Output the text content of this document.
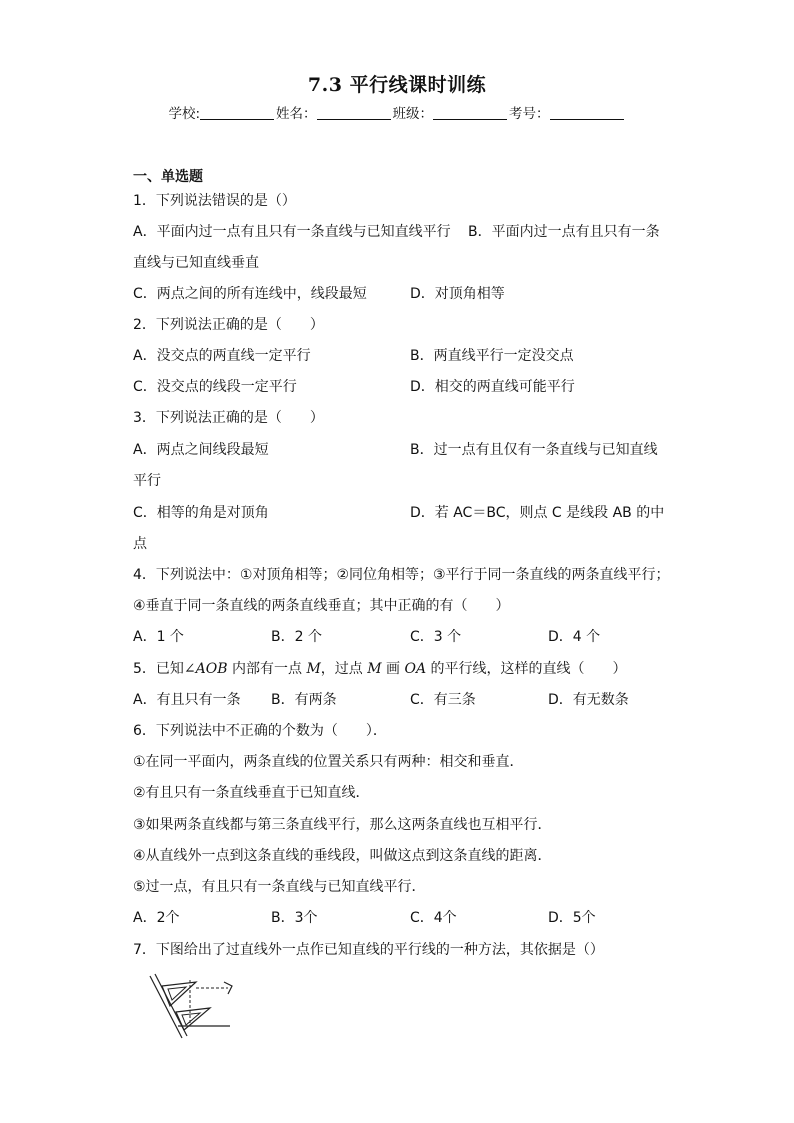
7.3 平行线课时训练
学校:	姓名：	班级：	考号：
一、单选题
1．下列说法错误的是（）
A．平面内过一点有且只有一条直线与已知直线平行 B．平面内过一点有且只有一条
直线与已知直线垂直
C．两点之间的所有连线中，线段最短	D．对顶角相等
2．下列说法正确的是（　　）
A．没交点的两直线一定平行	B．两直线平行一定没交点
C．没交点的线段一定平行	D．相交的两直线可能平行
3．下列说法正确的是（　　）
A．两点之间线段最短	B．过一点有且仅有一条直线与已知直线
平行
C．相等的角是对顶角	D．若 AC＝BC，则点 C 是线段 AB 的中
点
4．下列说法中：①对顶角相等；②同位角相等；③平行于同一条直线的两条直线平行；
④垂直于同一条直线的两条直线垂直；其中正确的有（　　）
A．1 个	B．2 个	C．3 个	D．4 个
5．已知∠AOB 内部有一点 M，过点 M 画 OA 的平行线，这样的直线（　　）
A．有且只有一条 B．有两条	C．有三条	D．有无数条
6．下列说法中不正确的个数为（　　）．
①在同一平面内，两条直线的位置关系只有两种：相交和垂直．
②有且只有一条直线垂直于已知直线．
③如果两条直线都与第三条直线平行，那么这两条直线也互相平行．
④从直线外一点到这条直线的垂线段，叫做这点到这条直线的距离．
⑤过一点，有且只有一条直线与已知直线平行．
A．2个	B．3个	C．4个	D．5个
7．下图给出了过直线外一点作已知直线的平行线的一种方法，其依据是（）
